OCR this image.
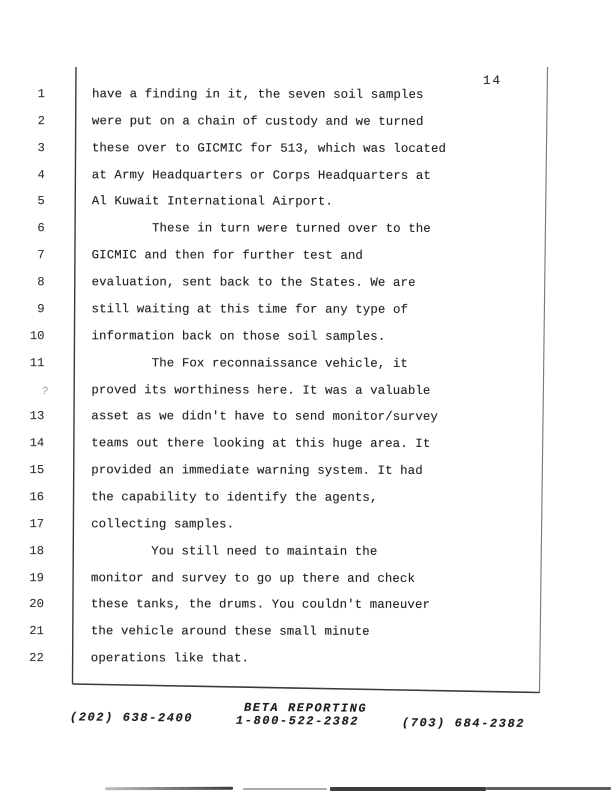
14
1	have a finding in it, the seven soil samples
2	were put on a chain of custody and we turned
3	these over to GICMIC for 513, which was located
4	at Army Headquarters or Corps Headquarters at
5	Al Kuwait International Airport.
6	These in turn were turned over to the
7	GICMIC and then for further test and
8	evaluation, sent back to the States. We are
9	still waiting at this time for any type of
10	information back on those soil samples.
11	The Fox reconnaissance vehicle, it
?	proved its worthiness here. It was a valuable
13	asset as we didn't have to send monitor/survey
14	teams out there looking at this huge area. It
15	provided an immediate warning system. It had
16	the capability to identify the agents,
17	collecting samples.
18	You still need to maintain the
19	monitor and survey to go up there and check
20	these tanks, the drums. You couldn't maneuver
21	the vehicle around these small minute
22	operations like that.
BETA REPORTING
1-800-522-2382
(202) 638-2400	(703) 684-2382
